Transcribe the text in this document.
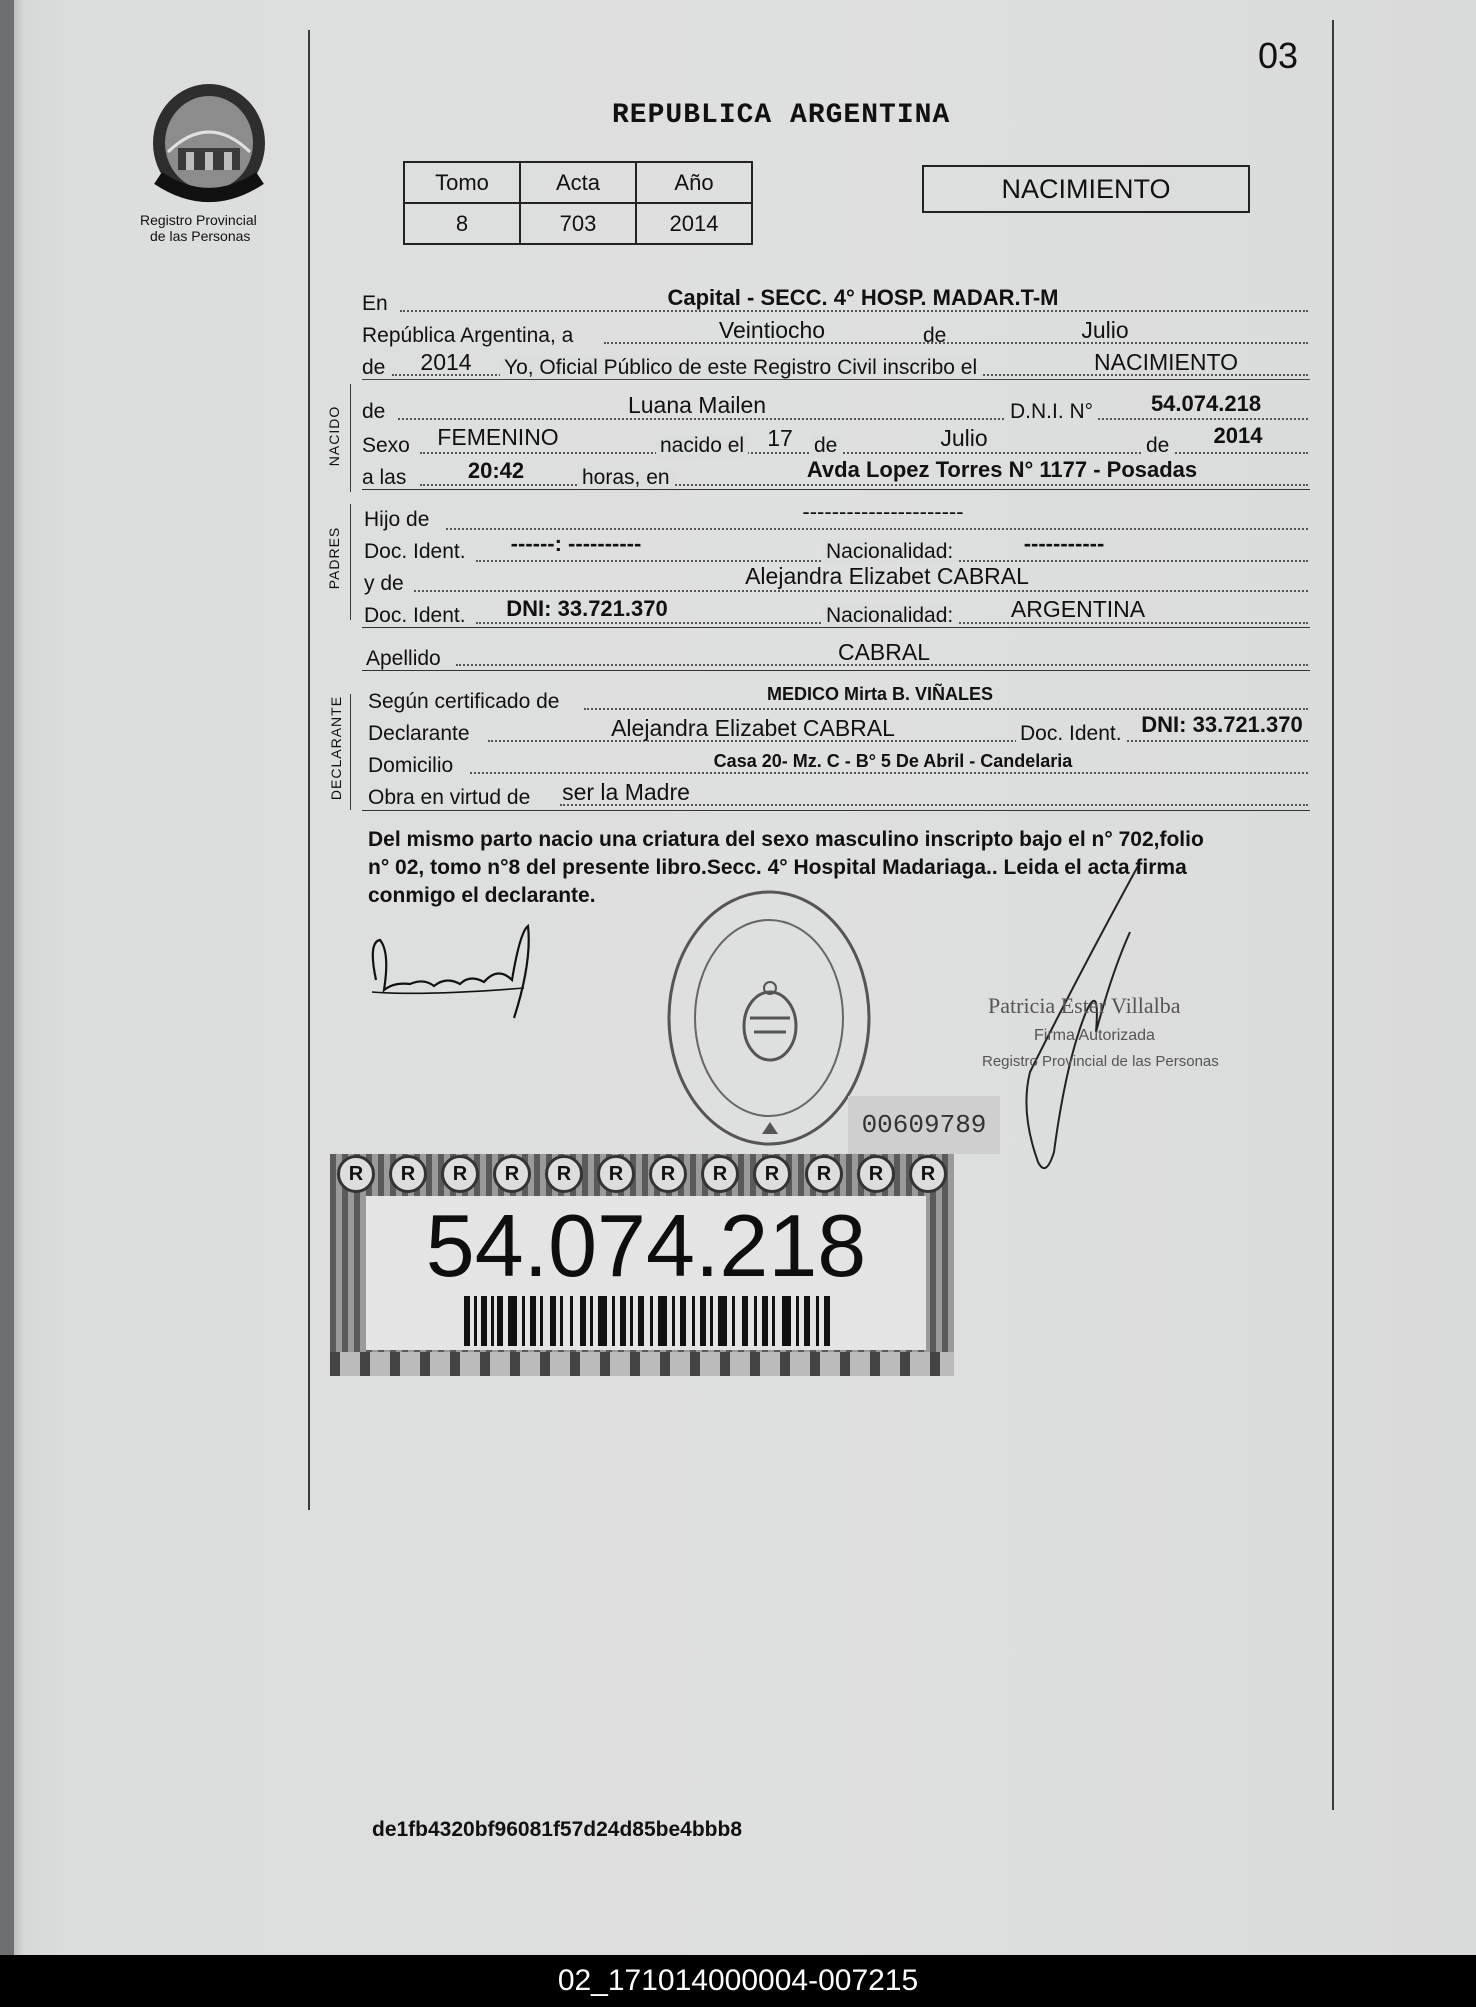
03
Registro Provincial
de las Personas
REPUBLICA ARGENTINA
Tomo	Acta	Año
8	703	2014
NACIMIENTO
En	Capital - SECC. 4° HOSP. MADAR.T-M
República Argentina, a	Veintiocho	de	Julio
de 2014 Yo, Oficial Público de este Registro Civil inscribo el	NACIMIENTO
NACIDO de	Luana Mailen	D.N.I. N°	54.074.218
Sexo FEMENINO	nacido el 17 de	Julio	de 2014
a las	20:42	horas, en	Avda Lopez Torres N° 1177 - Posadas
PADRES
Hijo de	----------------------
Doc. Ident. ------: ----------	Nacionalidad:	-----------
y de	Alejandra Elizabet CABRAL
Doc. Ident. DNI: 33.721.370	Nacionalidad:	ARGENTINA
Apellido	CABRAL
DECLARANTE Según certificado de	MEDICO Mirta B. VIÑALES
Declarante	Alejandra Elizabet CABRAL	Doc. Ident. DNI: 33.721.370
Domicilio	Casa 20- Mz. C - B° 5 De Abril - Candelaria
Obra en virtud de ser la Madre
Del mismo parto nacio una criatura del sexo masculino inscripto bajo el n° 702,folio
n° 02, tomo n°8 del presente libro.Secc. 4° Hospital Madariaga.. Leida el acta firma
conmigo el declarante.
Patricia Ester Villalba
Firma Autorizada
Registro Provincial de las Personas
00609789
R	R	R	R	R	R	R	R	R	R	R	R
54.074.218
de1fb4320bf96081f57d24d85be4bbb8
02_171014000004-007215
